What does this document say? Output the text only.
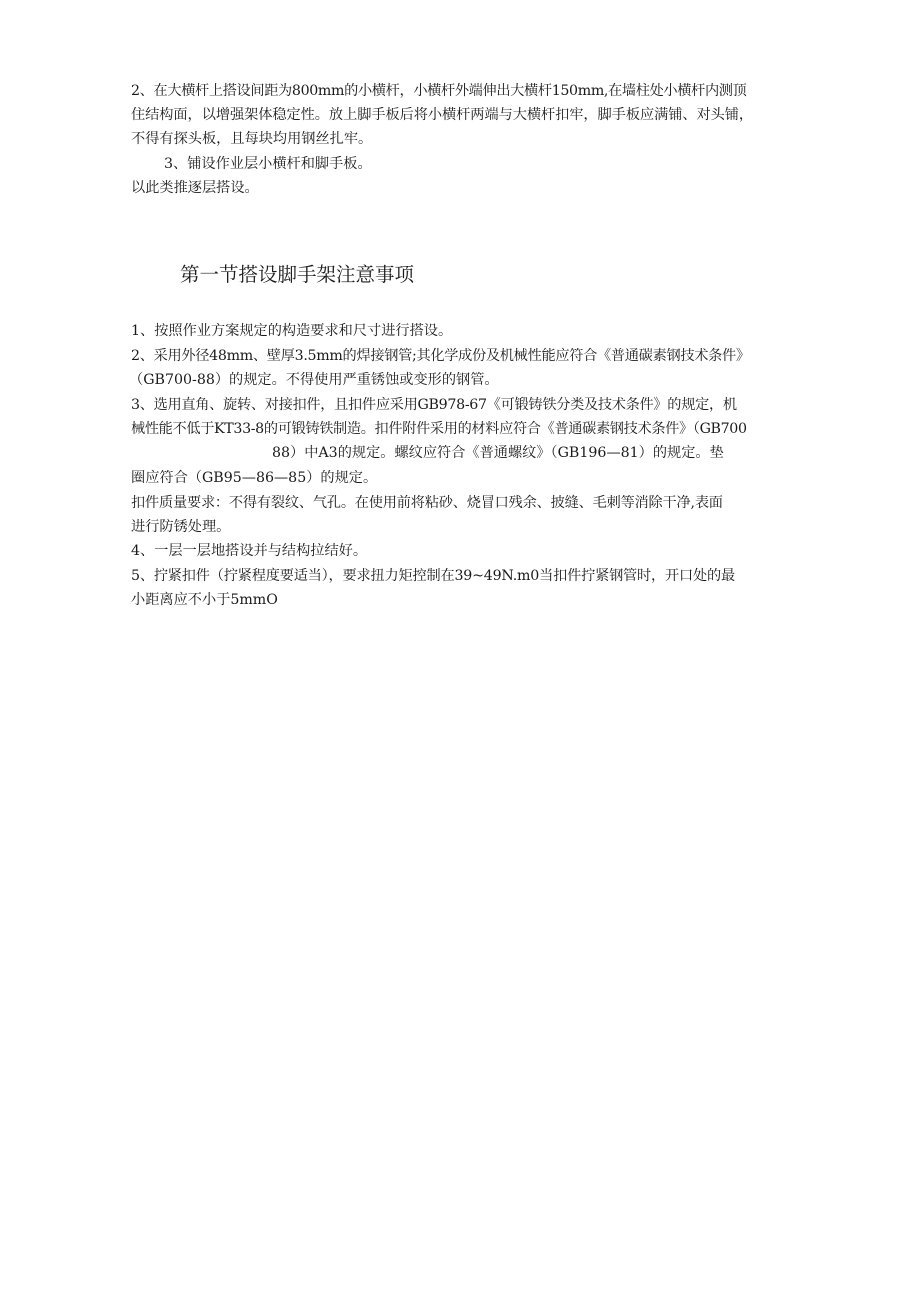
2、在大横杆上搭设间距为800mm的小横杆，小横杆外端伸出大横杆150mm,在墙柱处小横杆内测顶
住结构面，以增强架体稳定性。放上脚手板后将小横杆两端与大横杆扣牢，脚手板应满铺、对头铺，
不得有探头板，且每块均用钢丝扎牢。
3、铺设作业层小横杆和脚手板。
以此类推逐层搭设。
第一节搭设脚手架注意事项
1、按照作业方案规定的构造要求和尺寸进行搭设。
2、采用外径48mm、壁厚3.5mm的焊接钢管;其化学成份及机械性能应符合《普通碳素钢技术条件》
（GB700-88）的规定。不得使用严重锈蚀或变形的钢管。
3、选用直角、旋转、对接扣件，且扣件应采用GB978-67《可锻铸铁分类及技术条件》的规定，机
械性能不低于KT33-8的可锻铸铁制造。扣件附件采用的材料应符合《普通碳素钢技术条件》（GB700
88）中A3的规定。螺纹应符合《普通螺纹》（GB196—81）的规定。垫
圈应符合（GB95—86—85）的规定。
扣件质量要求：不得有裂纹、气孔。在使用前将粘砂、烧冒口残余、披缝、毛刺等消除干净,表面
进行防锈处理。
4、一层一层地搭设并与结构拉结好。
5、拧紧扣件（拧紧程度要适当），要求扭力矩控制在39~49N.m0当扣件拧紧钢管时，开口处的最
小距离应不小于5mmO
